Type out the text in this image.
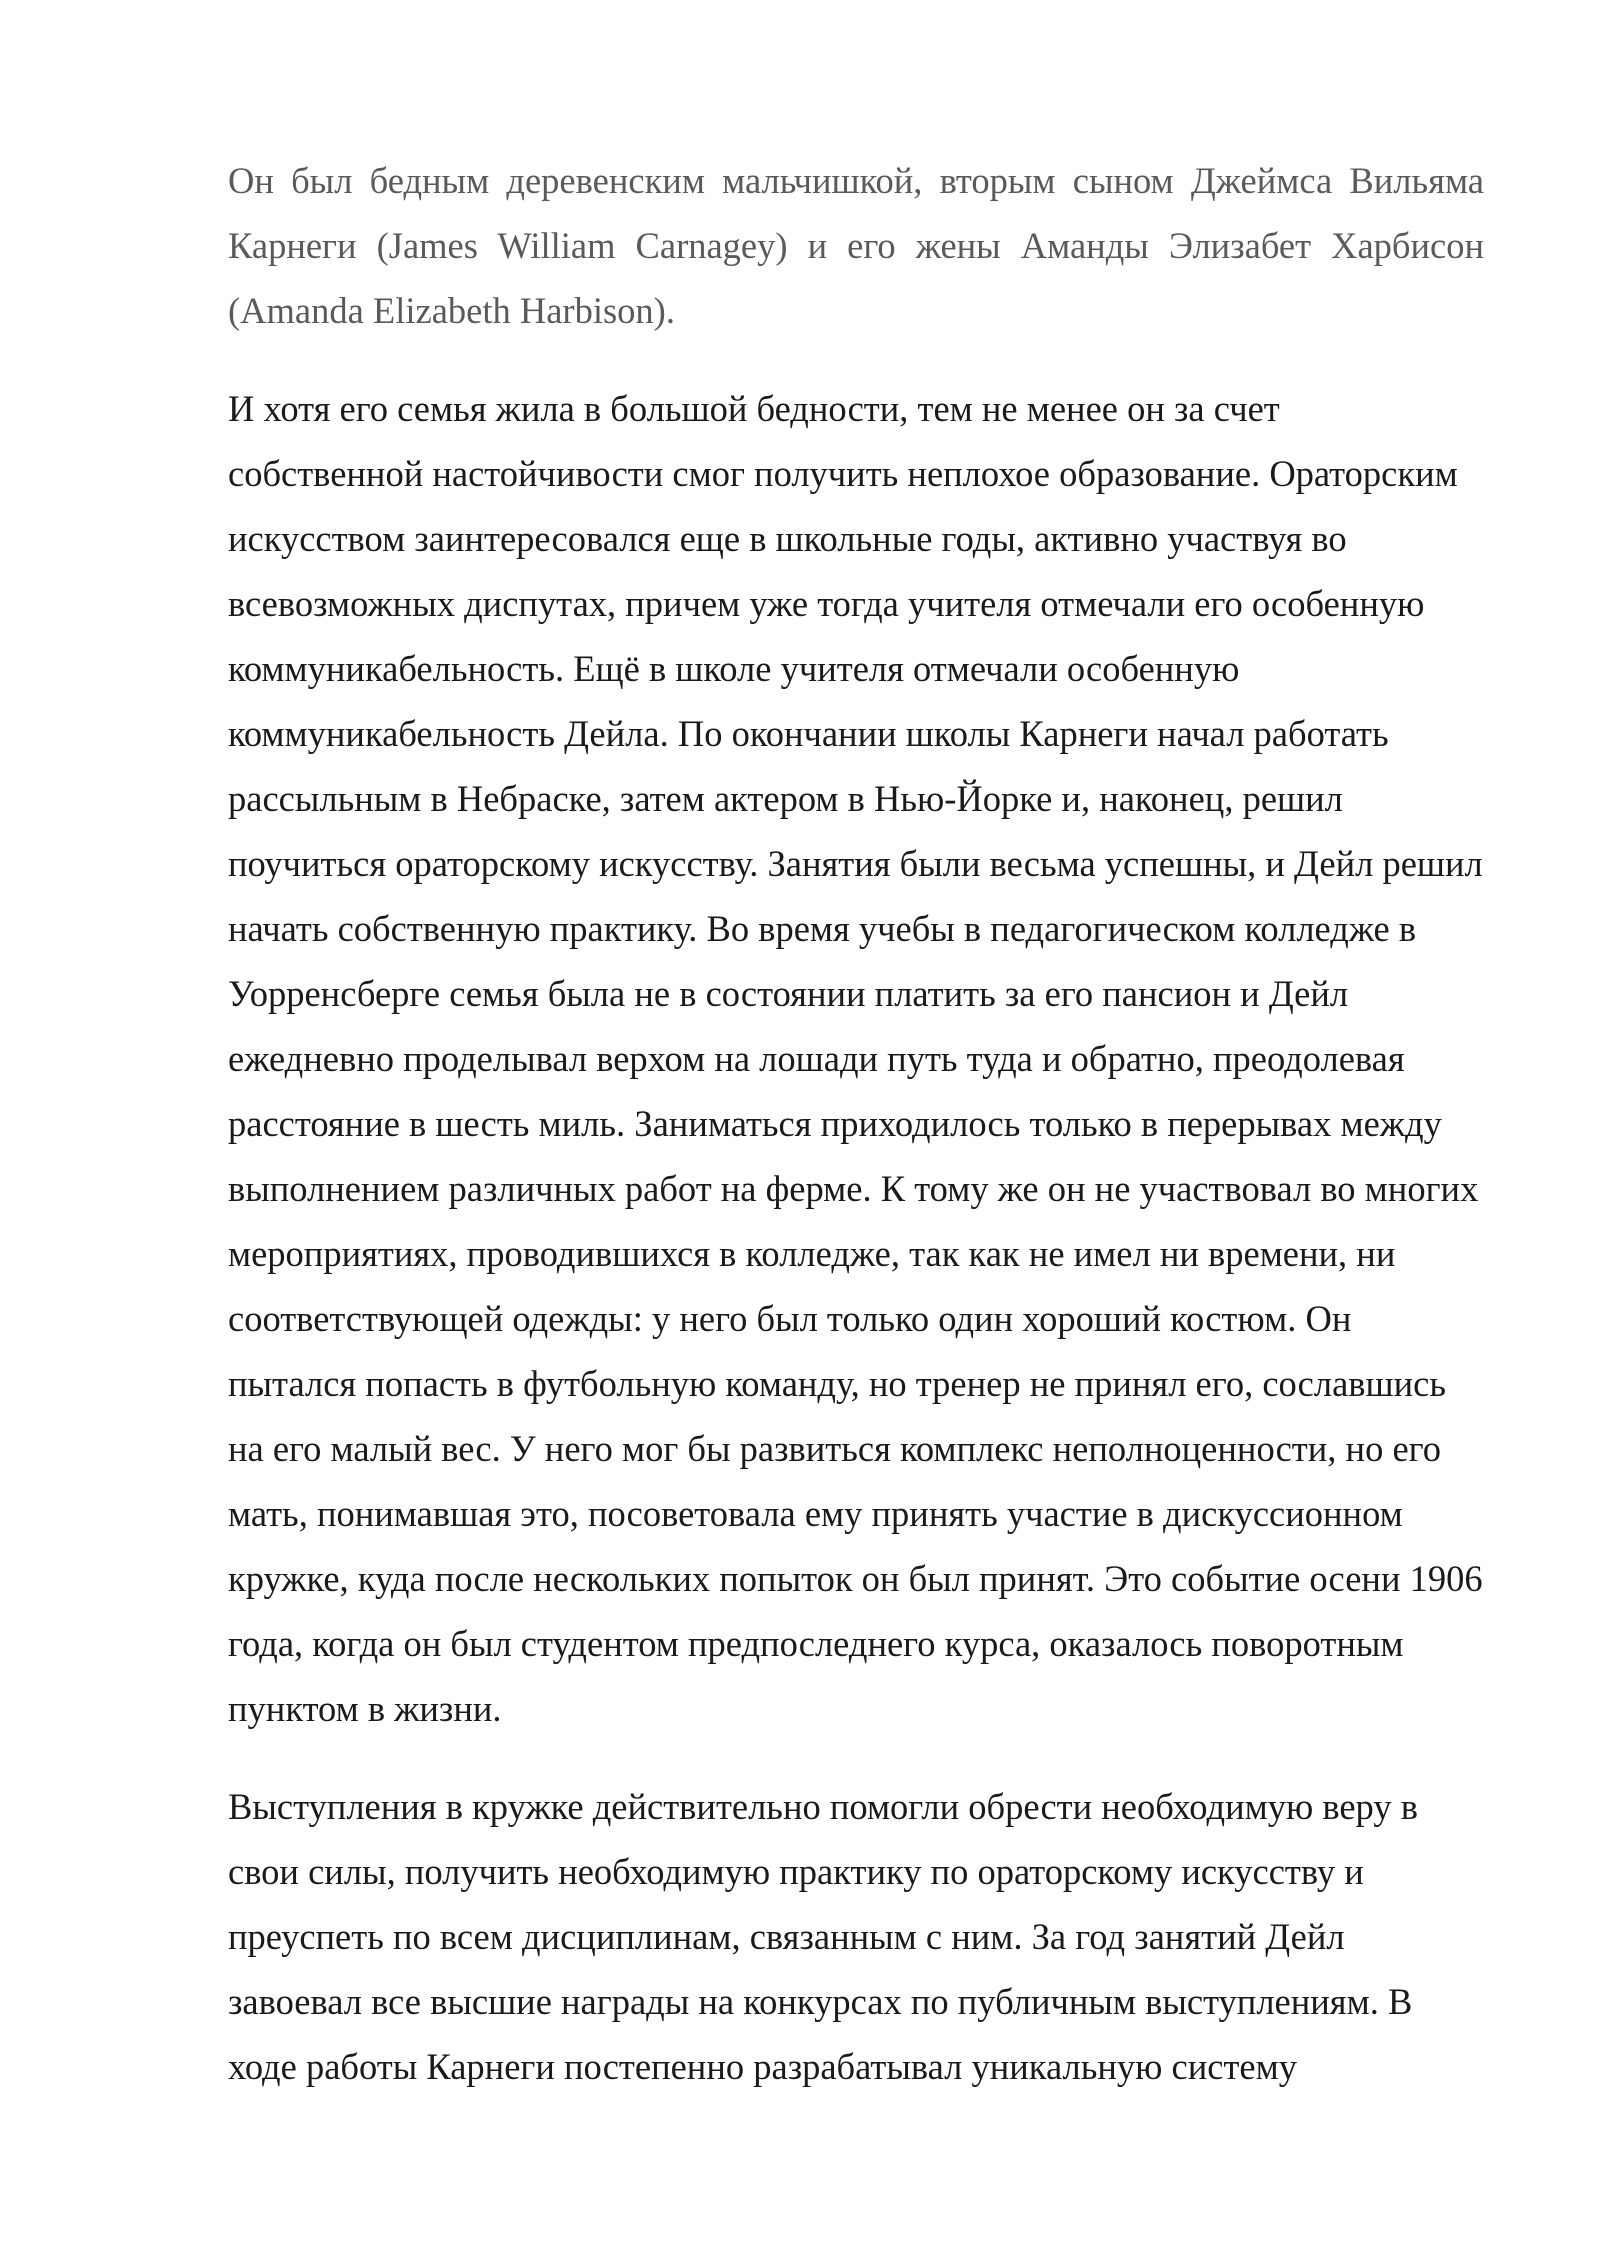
Он был бедным деревенским мальчишкой, вторым сыном Джеймса Вильяма Карнеги (James William Carnagey) и его жены Аманды Элизабет Харбисон (Amanda Elizabeth Harbison).

И хотя его семья жила в большой бедности, тем не менее он за счет собственной настойчивости смог получить неплохое образование. Ораторским искусством заинтересовался еще в школьные годы, активно участвуя во всевозможных диспутах, причем уже тогда учителя отмечали его особенную коммуникабельность. Ещё в школе учителя отмечали особенную коммуникабельность Дейла. По окончании школы Карнеги начал работать рассыльным в Небраске, затем актером в Нью-Йорке и, наконец, решил поучиться ораторскому искусству. Занятия были весьма успешны, и Дейл решил начать собственную практику. Во время учебы в педагогическом колледже в Уорренсберге семья была не в состоянии платить за его пансион и Дейл ежедневно проделывал верхом на лошади путь туда и обратно, преодолевая расстояние в шесть миль. Заниматься приходилось только в перерывах между выполнением различных работ на ферме. К тому же он не участвовал во многих мероприятиях, проводившихся в колледже, так как не имел ни времени, ни соответствующей одежды: у него был только один хороший костюм. Он пытался попасть в футбольную команду, но тренер не принял его, сославшись на его малый вес. У него мог бы развиться комплекс неполноценности, но его мать, понимавшая это, посоветовала ему принять участие в дискуссионном кружке, куда после нескольких попыток он был принят. Это событие осени 1906 года, когда он был студентом предпоследнего курса, оказалось поворотным пунктом в жизни.

Выступления в кружке действительно помогли обрести необходимую веру в свои силы, получить необходимую практику по ораторскому искусству и преуспеть по всем дисциплинам, связанным с ним. За год занятий Дейл завоевал все высшие награды на конкурсах по публичным выступлениям. В ходе работы Карнеги постепенно разрабатывал уникальную систему
